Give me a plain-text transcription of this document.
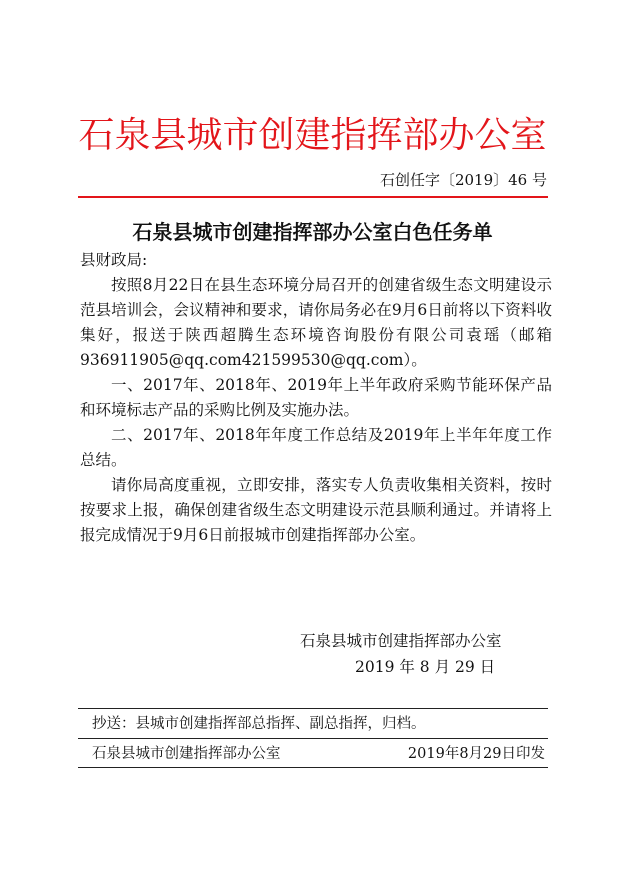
石泉县城市创建指挥部办公室
石创任字〔2019〕46 号
石泉县城市创建指挥部办公室白色任务单

县财政局:

按照8月22日在县生态环境分局召开的创建省级生态文明建设示范县培训会，会议精神和要求，请你局务必在9月6日前将以下资料收集好，报送于陕西超腾生态环境咨询股份有限公司袁瑶（邮箱936911905@qq.com421599530@qq.com）。

一、2017年、2018年、2019年上半年政府采购节能环保产品和环境标志产品的采购比例及实施办法。

二、2017年、2018年年度工作总结及2019年上半年年度工作总结。

请你局高度重视，立即安排，落实专人负责收集相关资料，按时按要求上报，确保创建省级生态文明建设示范县顺利通过。并请将上报完成情况于9月6日前报城市创建指挥部办公室。

石泉县城市创建指挥部办公室
2019 年 8 月 29 日
抄送：县城市创建指挥部总指挥、副总指挥，归档。
石泉县城市创建指挥部办公室	2019年8月29日印发
